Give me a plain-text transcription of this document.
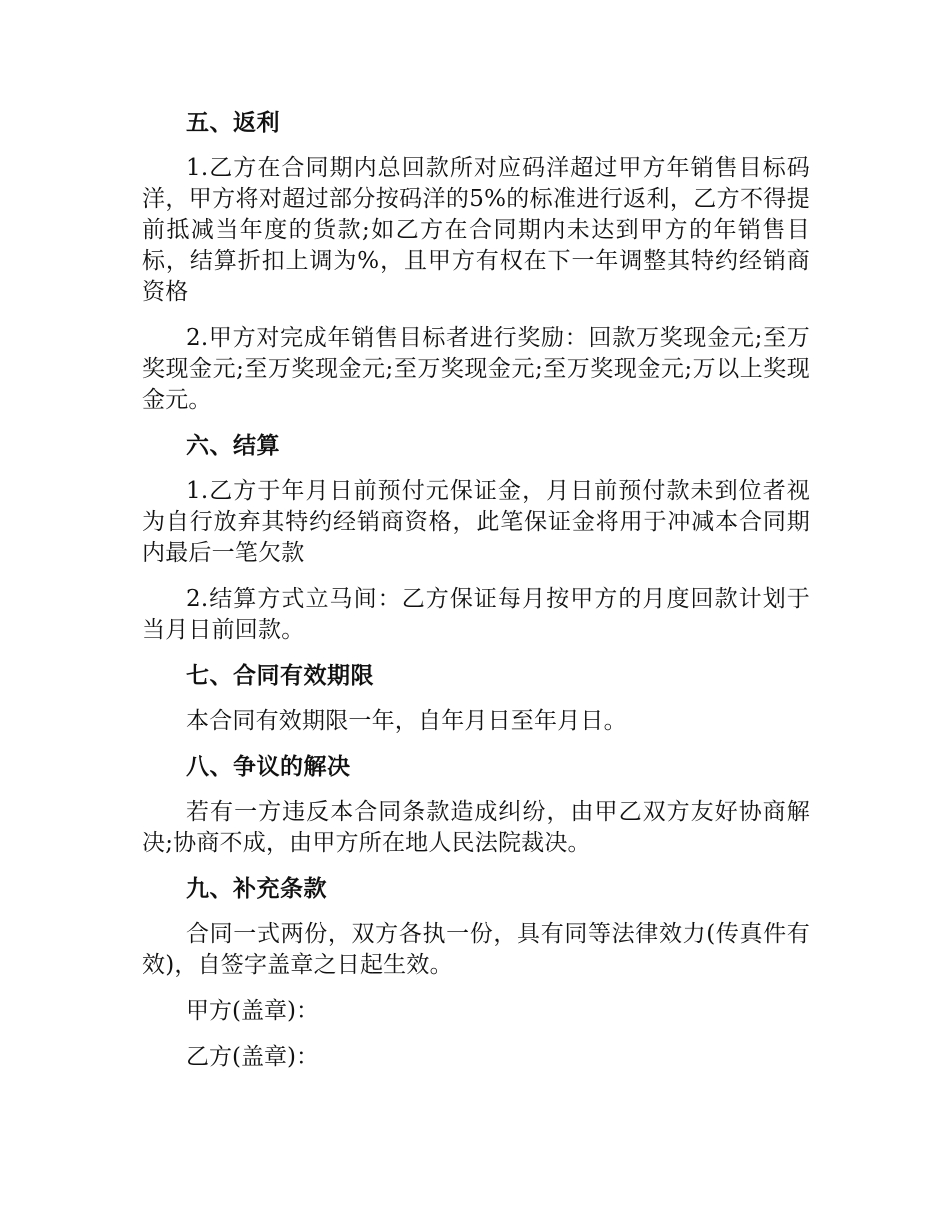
五、返利

1.乙方在合同期内总回款所对应码洋超过甲方年销售目标码洋，甲方将对超过部分按码洋的5%的标准进行返利，乙方不得提前抵减当年度的货款;如乙方在合同期内未达到甲方的年销售目标，结算折扣上调为%，且甲方有权在下一年调整其特约经销商资格

2.甲方对完成年销售目标者进行奖励：回款万奖现金元;至万奖现金元;至万奖现金元;至万奖现金元;至万奖现金元;万以上奖现金元。

六、结算

1.乙方于年月日前预付元保证金，月日前预付款未到位者视为自行放弃其特约经销商资格，此笔保证金将用于冲减本合同期内最后一笔欠款

2.结算方式立马间：乙方保证每月按甲方的月度回款计划于当月日前回款。

七、合同有效期限

本合同有效期限一年，自年月日至年月日。

八、争议的解决

若有一方违反本合同条款造成纠纷，由甲乙双方友好协商解决;协商不成，由甲方所在地人民法院裁决。

九、补充条款

合同一式两份，双方各执一份，具有同等法律效力(传真件有效)，自签字盖章之日起生效。

甲方(盖章)：
乙方(盖章)：
